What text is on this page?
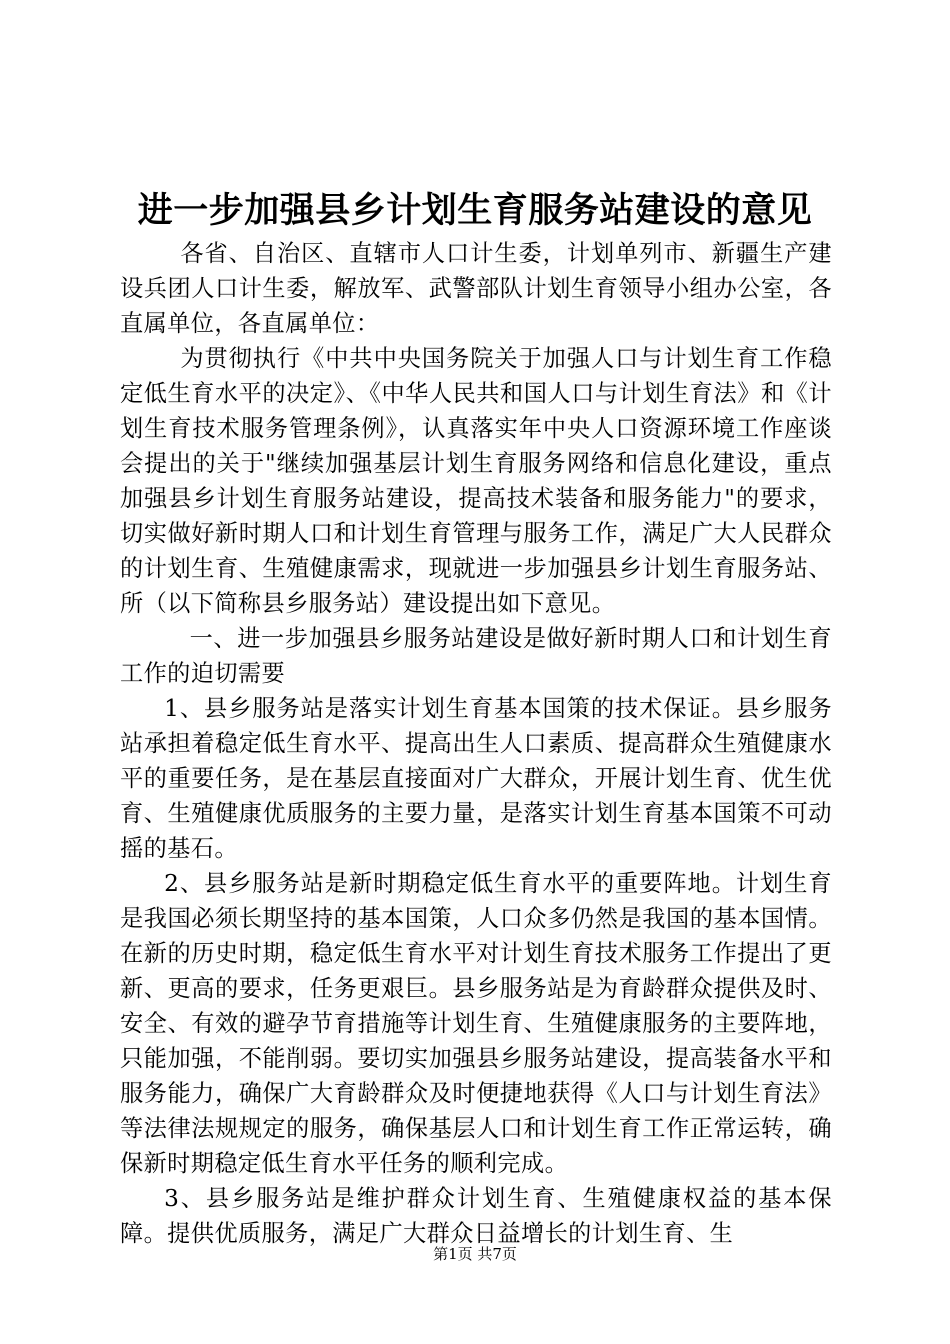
进一步加强县乡计划生育服务站建设的意见

各省、自治区、直辖市人口计生委，计划单列市、新疆生产建设兵团人口计生委，解放军、武警部队计划生育领导小组办公室，各直属单位，各直属单位：

为贯彻执行《中共中央国务院关于加强人口与计划生育工作稳定低生育水平的决定》、《中华人民共和国人口与计划生育法》和《计划生育技术服务管理条例》，认真落实年中央人口资源环境工作座谈会提出的关于"继续加强基层计划生育服务网络和信息化建设，重点加强县乡计划生育服务站建设，提高技术装备和服务能力"的要求，切实做好新时期人口和计划生育管理与服务工作，满足广大人民群众的计划生育、生殖健康需求，现就进一步加强县乡计划生育服务站、所（以下简称县乡服务站）建设提出如下意见。

一、进一步加强县乡服务站建设是做好新时期人口和计划生育工作的迫切需要

1、县乡服务站是落实计划生育基本国策的技术保证。县乡服务站承担着稳定低生育水平、提高出生人口素质、提高群众生殖健康水平的重要任务，是在基层直接面对广大群众，开展计划生育、优生优育、生殖健康优质服务的主要力量，是落实计划生育基本国策不可动摇的基石。

2、县乡服务站是新时期稳定低生育水平的重要阵地。计划生育是我国必须长期坚持的基本国策，人口众多仍然是我国的基本国情。在新的历史时期，稳定低生育水平对计划生育技术服务工作提出了更新、更高的要求，任务更艰巨。县乡服务站是为育龄群众提供及时、安全、有效的避孕节育措施等计划生育、生殖健康服务的主要阵地，只能加强，不能削弱。要切实加强县乡服务站建设，提高装备水平和服务能力，确保广大育龄群众及时便捷地获得《人口与计划生育法》等法律法规规定的服务，确保基层人口和计划生育工作正常运转，确保新时期稳定低生育水平任务的顺利完成。

3、县乡服务站是维护群众计划生育、生殖健康权益的基本保障。提供优质服务，满足广大群众日益增长的计划生育、生

第1页 共7页
